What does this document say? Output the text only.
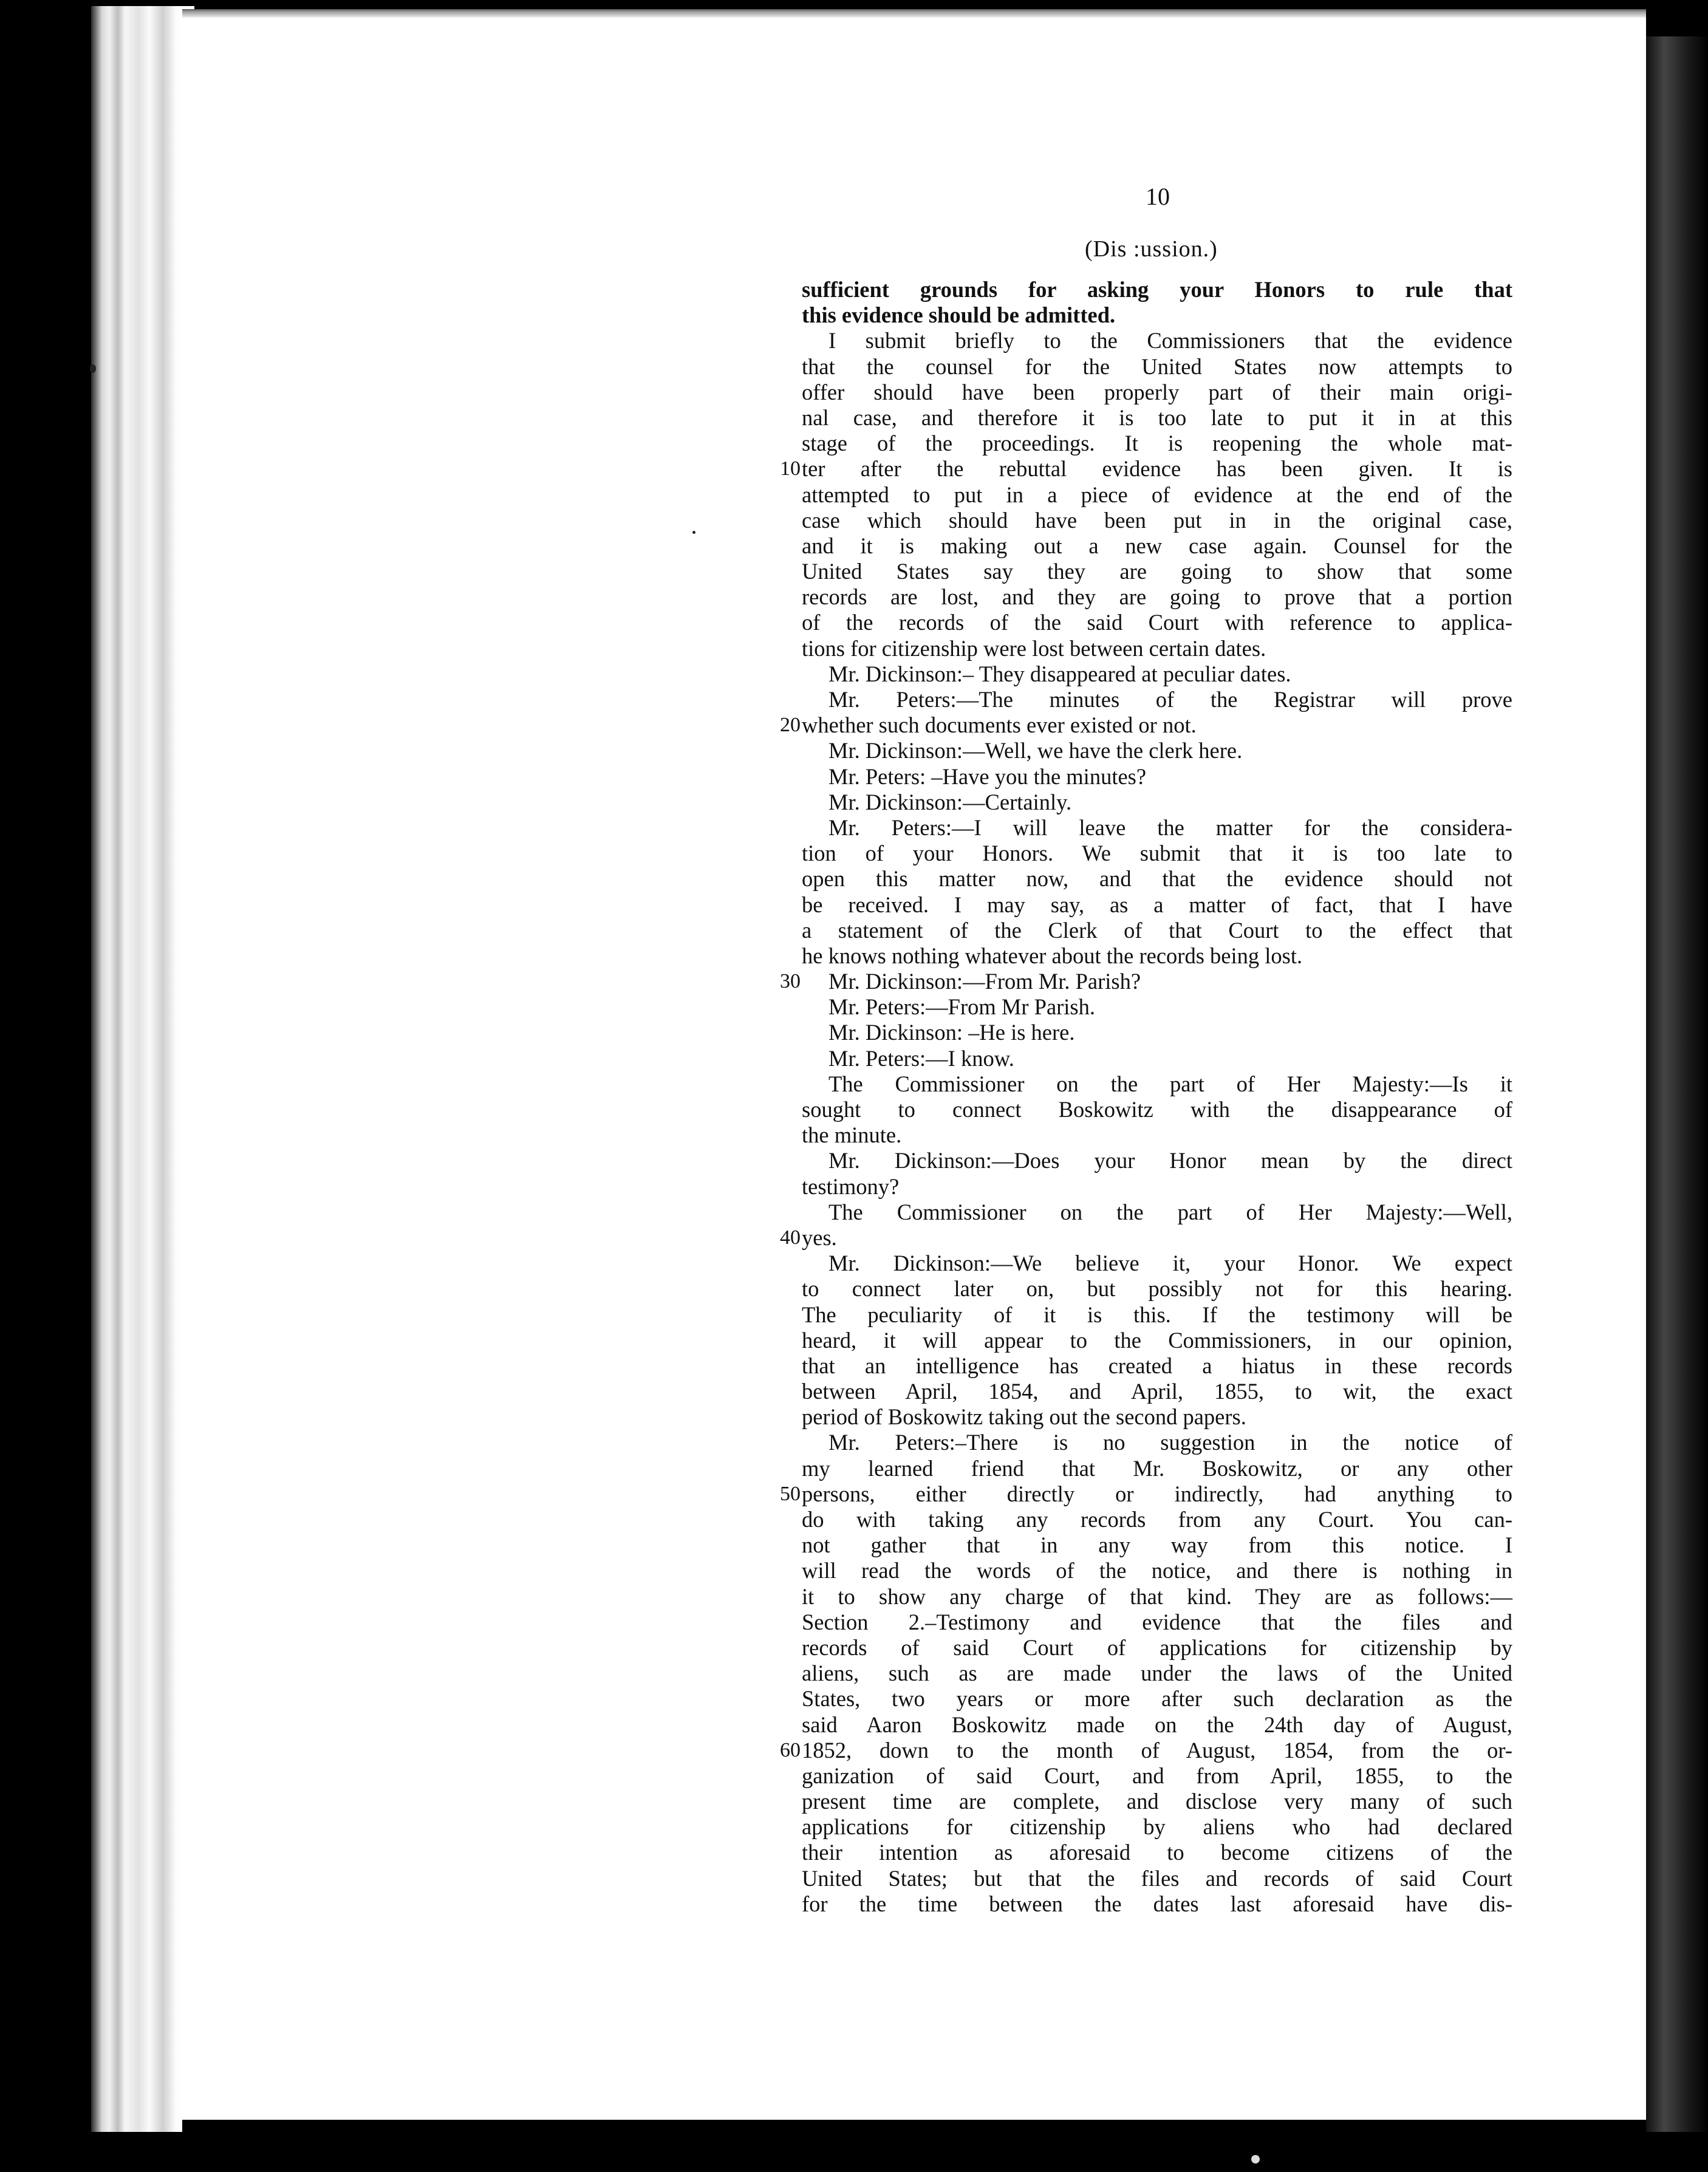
10
(Dis :ussion.)
sufficient grounds for asking your Honors to rule that
this evidence should be admitted.
I submit briefly to the Commissioners that the evidence
that the counsel for the United States now attempts to
offer should have been properly part of their main origi-
nal case, and therefore it is too late to put it in at this
stage of the proceedings. It is reopening the whole mat-
10 ter after the rebuttal evidence has been given. It is
attempted to put in a piece of evidence at the end of the
case which should have been put in in the original case,
and it is making out a new case again. Counsel for the
United States say they are going to show that some
records are lost, and they are going to prove that a portion
of the records of the said Court with reference to applica-
tions for citizenship were lost between certain dates.
Mr. Dickinson:– They disappeared at peculiar dates.
Mr. Peters:—The minutes of the Registrar will prove
20 whether such documents ever existed or not.
Mr. Dickinson:—Well, we have the clerk here.
Mr. Peters: –Have you the minutes?
Mr. Dickinson:—Certainly.
Mr. Peters:—I will leave the matter for the considera-
tion of your Honors. We submit that it is too late to
open this matter now, and that the evidence should not
be received. I may say, as a matter of fact, that I have
a statement of the Clerk of that Court to the effect that
he knows nothing whatever about the records being lost.
30 Mr. Dickinson:—From Mr. Parish?
Mr. Peters:—From Mr Parish.
Mr. Dickinson: –He is here.
Mr. Peters:—I know.
The Commissioner on the part of Her Majesty:—Is it
sought to connect Boskowitz with the disappearance of
the minute.
Mr. Dickinson:—Does your Honor mean by the direct
testimony?
The Commissioner on the part of Her Majesty:—Well,
40 yes.
Mr. Dickinson:—We believe it, your Honor. We expect
to connect later on, but possibly not for this hearing.
The peculiarity of it is this. If the testimony will be
heard, it will appear to the Commissioners, in our opinion,
that an intelligence has created a hiatus in these records
between April, 1854, and April, 1855, to wit, the exact
period of Boskowitz taking out the second papers.
Mr. Peters:–There is no suggestion in the notice of
my learned friend that Mr. Boskowitz, or any other
50 persons, either directly or indirectly, had anything to
do with taking any records from any Court. You can-
not gather that in any way from this notice. I
will read the words of the notice, and there is nothing in
it to show any charge of that kind. They are as follows:—
Section 2.–Testimony and evidence that the files and
records of said Court of applications for citizenship by
aliens, such as are made under the laws of the United
States, two years or more after such declaration as the
said Aaron Boskowitz made on the 24th day of August,
60 1852, down to the month of August, 1854, from the or-
ganization of said Court, and from April, 1855, to the
present time are complete, and disclose very many of such
applications for citizenship by aliens who had declared
their intention as aforesaid to become citizens of the
United States; but that the files and records of said Court
for the time between the dates last aforesaid have dis-
